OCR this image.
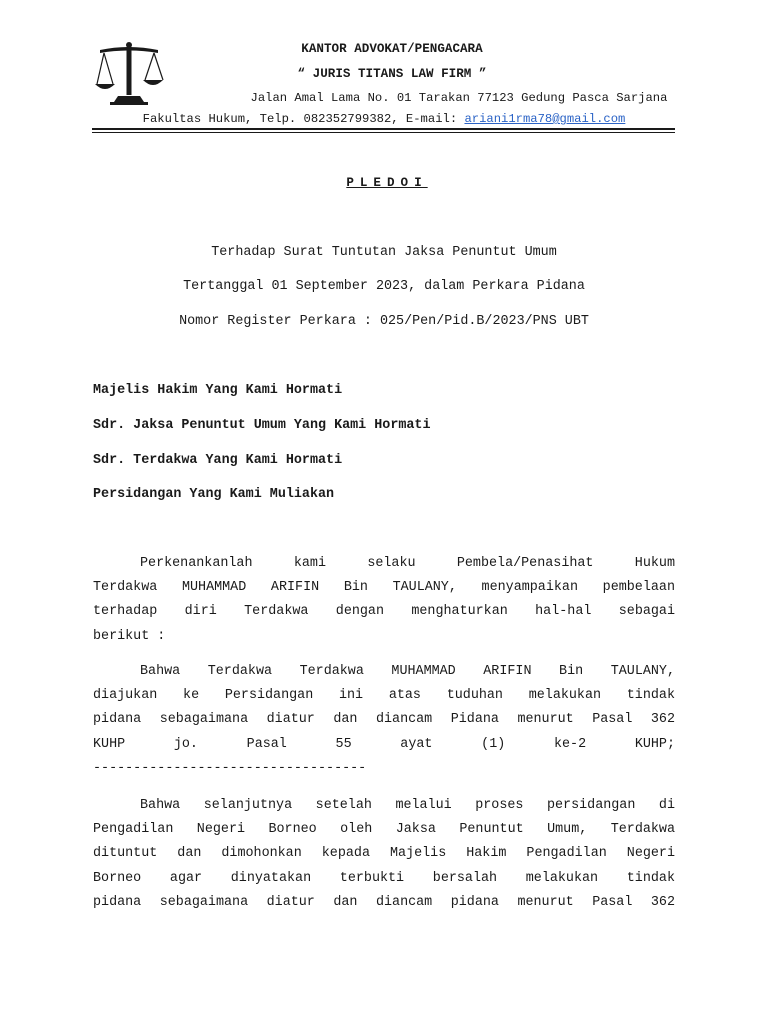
KANTOR ADVOKAT/PENGACARA
“ JURIS TITANS LAW FIRM ”
Jalan Amal Lama No. 01 Tarakan 77123 Gedung Pasca Sarjana
Fakultas Hukum, Telp. 082352799382, E-mail: ariani1rma78@gmail.com
PLEDOI
Terhadap Surat Tuntutan Jaksa Penuntut Umum
Tertanggal 01 September 2023, dalam Perkara Pidana
Nomor Register Perkara : 025/Pen/Pid.B/2023/PNS UBT
Majelis Hakim Yang Kami Hormati
Sdr. Jaksa Penuntut Umum Yang Kami Hormati
Sdr. Terdakwa Yang Kami Hormati
Persidangan Yang Kami Muliakan
Perkenankanlah kami selaku Pembela/Penasihat Hukum
Terdakwa MUHAMMAD ARIFIN Bin TAULANY, menyampaikan pembelaan
terhadap diri Terdakwa dengan menghaturkan hal-hal sebagai
berikut :
Bahwa Terdakwa Terdakwa MUHAMMAD ARIFIN Bin TAULANY,
diajukan ke Persidangan ini atas tuduhan melakukan tindak
pidana sebagaimana diatur dan diancam Pidana menurut Pasal 362
KUHP jo. Pasal 55 ayat (1) ke-2 KUHP;
----------------------------------
Bahwa selanjutnya setelah melalui proses persidangan di
Pengadilan Negeri Borneo oleh Jaksa Penuntut Umum, Terdakwa
dituntut dan dimohonkan kepada Majelis Hakim Pengadilan Negeri
Borneo agar dinyatakan terbukti bersalah melakukan tindak
pidana sebagaimana diatur dan diancam pidana menurut Pasal 362
